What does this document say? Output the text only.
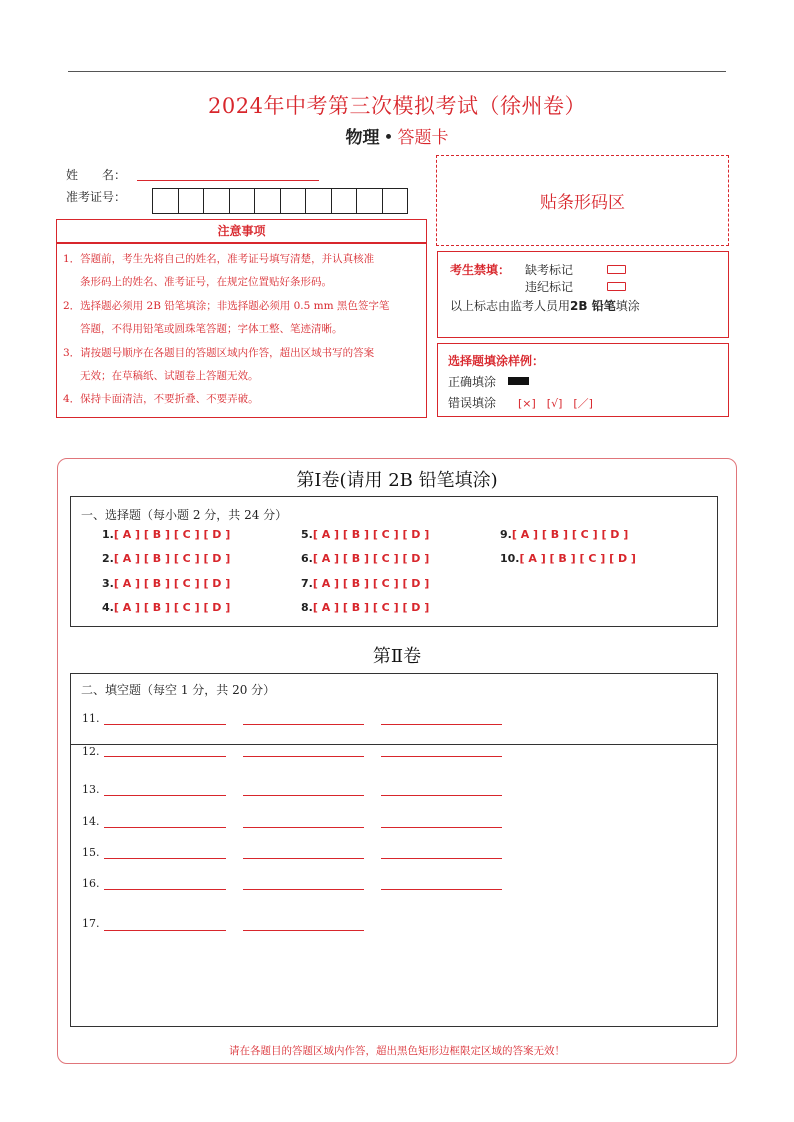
2024年中考第三次模拟考试（徐州卷）
物理 • 答题卡
姓　　名：
准考证号：	贴条形码区
注意事项
1．答题前，考生先将自己的姓名，准考证号填写清楚，并认真核准
条形码上的姓名、准考证号，在规定位置贴好条形码。
2．选择题必须用 2B 铅笔填涂；非选择题必须用 0.5 mm 黑色签字笔
答题，不得用铅笔或圆珠笔答题；字体工整、笔迹清晰。
3．请按题号顺序在各题目的答题区域内作答，超出区域书写的答案
无效；在草稿纸、试题卷上答题无效。
4．保持卡面清洁，不要折叠、不要弄破。
考生禁填： 缺考标记
违纪标记
以上标志由监考人员用2B 铅笔填涂
选择题填涂样例：
正确填涂
错误填涂 [×]　[√]　[／]
第Ⅰ卷(请用 2B 铅笔填涂)
一、选择题（每小题 2 分，共 24 分）
1.[ A ] [ B ] [ C ] [ D ]
2.[ A ] [ B ] [ C ] [ D ]
3.[ A ] [ B ] [ C ] [ D ]
4.[ A ] [ B ] [ C ] [ D ]
5.[ A ] [ B ] [ C ] [ D ]
6.[ A ] [ B ] [ C ] [ D ]
7.[ A ] [ B ] [ C ] [ D ]
8.[ A ] [ B ] [ C ] [ D ]
9.[ A ] [ B ] [ C ] [ D ]
10.[ A ] [ B ] [ C ] [ D ]
第Ⅱ卷
二、填空题（每空 1 分，共 20 分）
11.
12.
13.
14.
15.
16.
17.
请在各题目的答题区域内作答，超出黑色矩形边框限定区域的答案无效！
